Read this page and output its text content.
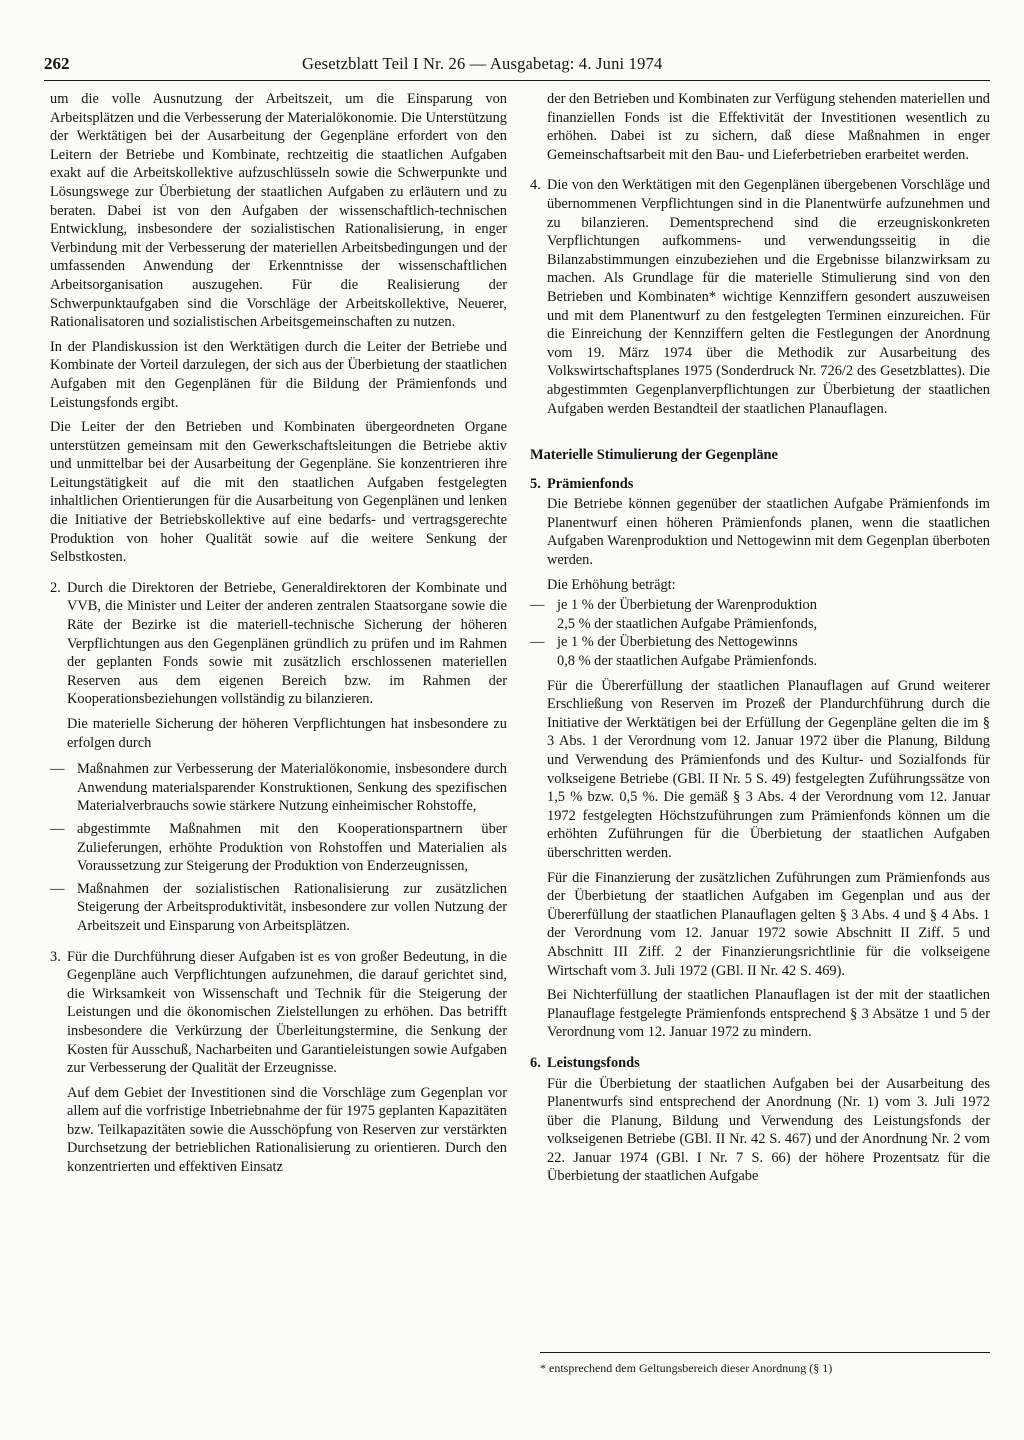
262	Gesetzblatt Teil I Nr. 26 — Ausgabetag: 4. Juni 1974

um die volle Ausnutzung der Arbeitszeit, um die Einsparung von Arbeitsplätzen und die Verbesserung der Materialökonomie. Die Unterstützung der Werktätigen bei der Ausarbeitung der Gegenpläne erfordert von den Leitern der Betriebe und Kombinate, rechtzeitig die staatlichen Aufgaben exakt auf die Arbeitskollektive aufzuschlüsseln sowie die Schwerpunkte und Lösungswege zur Überbietung der staatlichen Aufgaben zu erläutern und zu beraten. Dabei ist von den Aufgaben der wissenschaftlich-technischen Entwicklung, insbesondere der sozialistischen Rationalisierung, in enger Verbindung mit der Verbesserung der materiellen Arbeitsbedingungen und der umfassenden Anwendung der Erkenntnisse der wissenschaftlichen Arbeitsorganisation auszugehen. Für die Realisierung der Schwerpunktaufgaben sind die Vorschläge der Arbeitskollektive, Neuerer, Rationalisatoren und sozialistischen Arbeitsgemeinschaften zu nutzen.

In der Plandiskussion ist den Werktätigen durch die Leiter der Betriebe und Kombinate der Vorteil darzulegen, der sich aus der Überbietung der staatlichen Aufgaben mit den Gegenplänen für die Bildung der Prämienfonds und Leistungsfonds ergibt.

Die Leiter der den Betrieben und Kombinaten übergeordneten Organe unterstützen gemeinsam mit den Gewerkschaftsleitungen die Betriebe aktiv und unmittelbar bei der Ausarbeitung der Gegenpläne. Sie konzentrieren ihre Leitungstätigkeit auf die mit den staatlichen Aufgaben festgelegten inhaltlichen Orientierungen für die Ausarbeitung von Gegenplänen und lenken die Initiative der Betriebskollektive auf eine bedarfs- und vertragsgerechte Produktion von hoher Qualität sowie auf die weitere Senkung der Selbstkosten.

2. Durch die Direktoren der Betriebe, Generaldirektoren der Kombinate und VVB, die Minister und Leiter der anderen zentralen Staatsorgane sowie die Räte der Bezirke ist die materiell-technische Sicherung der höheren Verpflichtungen aus den Gegenplänen gründlich zu prüfen und im Rahmen der geplanten Fonds sowie mit zusätzlich erschlossenen materiellen Reserven aus dem eigenen Bereich bzw. im Rahmen der Kooperationsbeziehungen vollständig zu bilanzieren.

Die materielle Sicherung der höheren Verpflichtungen hat insbesondere zu erfolgen durch

— Maßnahmen zur Verbesserung der Materialökonomie, insbesondere durch Anwendung materialsparender Konstruktionen, Senkung des spezifischen Materialverbrauchs sowie stärkere Nutzung einheimischer Rohstoffe,
— abgestimmte Maßnahmen mit den Kooperationspartnern über Zulieferungen, erhöhte Produktion von Rohstoffen und Materialien als Voraussetzung zur Steigerung der Produktion von Enderzeugnissen,
— Maßnahmen der sozialistischen Rationalisierung zur zusätzlichen Steigerung der Arbeitsproduktivität, insbesondere zur vollen Nutzung der Arbeitszeit und Einsparung von Arbeitsplätzen.
3. Für die Durchführung dieser Aufgaben ist es von großer Bedeutung, in die Gegenpläne auch Verpflichtungen aufzunehmen, die darauf gerichtet sind, die Wirksamkeit von Wissenschaft und Technik für die Steigerung der Leistungen und die ökonomischen Zielstellungen zu erhöhen. Das betrifft insbesondere die Verkürzung der Überleitungstermine, die Senkung der Kosten für Ausschuß, Nacharbeiten und Garantieleistungen sowie Aufgaben zur Verbesserung der Qualität der Erzeugnisse.

Auf dem Gebiet der Investitionen sind die Vorschläge zum Gegenplan vor allem auf die vorfristige Inbetriebnahme der für 1975 geplanten Kapazitäten bzw. Teilkapazitäten sowie die Ausschöpfung von Reserven zur verstärkten Durchsetzung der betrieblichen Rationalisierung zu orientieren. Durch den konzentrierten und effektiven Einsatz

der den Betrieben und Kombinaten zur Verfügung stehenden materiellen und finanziellen Fonds ist die Effektivität der Investitionen wesentlich zu erhöhen. Dabei ist zu sichern, daß diese Maßnahmen in enger Gemeinschaftsarbeit mit den Bau- und Lieferbetrieben erarbeitet werden.

4. Die von den Werktätigen mit den Gegenplänen übergebenen Vorschläge und übernommenen Verpflichtungen sind in die Planentwürfe aufzunehmen und zu bilanzieren. Dementsprechend sind die erzeugniskonkreten Verpflichtungen aufkommens- und verwendungsseitig in die Bilanzabstimmungen einzubeziehen und die Ergebnisse bilanzwirksam zu machen. Als Grundlage für die materielle Stimulierung sind von den Betrieben und Kombinaten* wichtige Kennziffern gesondert auszuweisen und mit dem Planentwurf zu den festgelegten Terminen einzureichen. Für die Einreichung der Kennziffern gelten die Festlegungen der Anordnung vom 19. März 1974 über die Methodik zur Ausarbeitung des Volkswirtschaftsplanes 1975 (Sonderdruck Nr. 726/2 des Gesetzblattes). Die abgestimmten Gegenplanverpflichtungen zur Überbietung der staatlichen Aufgaben werden Bestandteil der staatlichen Planauflagen.

Materielle Stimulierung der Gegenpläne
5. Prämienfonds

Die Betriebe können gegenüber der staatlichen Aufgabe Prämienfonds im Planentwurf einen höheren Prämienfonds planen, wenn die staatlichen Aufgaben Warenproduktion und Nettogewinn mit dem Gegenplan überboten werden.

Die Erhöhung beträgt:

— je 1 % der Überbietung der Warenproduktion
2,5 % der staatlichen Aufgabe Prämienfonds,
— je 1 % der Überbietung des Nettogewinns
0,8 % der staatlichen Aufgabe Prämienfonds.

Für die Übererfüllung der staatlichen Planauflagen auf Grund weiterer Erschließung von Reserven im Prozeß der Plandurchführung durch die Initiative der Werktätigen bei der Erfüllung der Gegenpläne gelten die im § 3 Abs. 1 der Verordnung vom 12. Januar 1972 über die Planung, Bildung und Verwendung des Prämienfonds und des Kultur- und Sozialfonds für volkseigene Betriebe (GBl. II Nr. 5 S. 49) festgelegten Zuführungssätze von 1,5 % bzw. 0,5 %. Die gemäß § 3 Abs. 4 der Verordnung vom 12. Januar 1972 festgelegten Höchstzuführungen zum Prämienfonds können um die erhöhten Zuführungen für die Überbietung der staatlichen Aufgaben überschritten werden.

Für die Finanzierung der zusätzlichen Zuführungen zum Prämienfonds aus der Überbietung der staatlichen Aufgaben im Gegenplan und aus der Übererfüllung der staatlichen Planauflagen gelten § 3 Abs. 4 und § 4 Abs. 1 der Verordnung vom 12. Januar 1972 sowie Abschnitt II Ziff. 5 und Abschnitt III Ziff. 2 der Finanzierungsrichtlinie für die volkseigene Wirtschaft vom 3. Juli 1972 (GBl. II Nr. 42 S. 469).

Bei Nichterfüllung der staatlichen Planauflagen ist der mit der staatlichen Planauflage festgelegte Prämienfonds entsprechend § 3 Absätze 1 und 5 der Verordnung vom 12. Januar 1972 zu mindern.

6. Leistungsfonds

Für die Überbietung der staatlichen Aufgaben bei der Ausarbeitung des Planentwurfs sind entsprechend der Anordnung (Nr. 1) vom 3. Juli 1972 über die Planung, Bildung und Verwendung des Leistungsfonds der volkseigenen Betriebe (GBl. II Nr. 42 S. 467) und der Anordnung Nr. 2 vom 22. Januar 1974 (GBl. I Nr. 7 S. 66) der höhere Prozentsatz für die Überbietung der staatlichen Aufgabe

* entsprechend dem Geltungsbereich dieser Anordnung (§ 1)
